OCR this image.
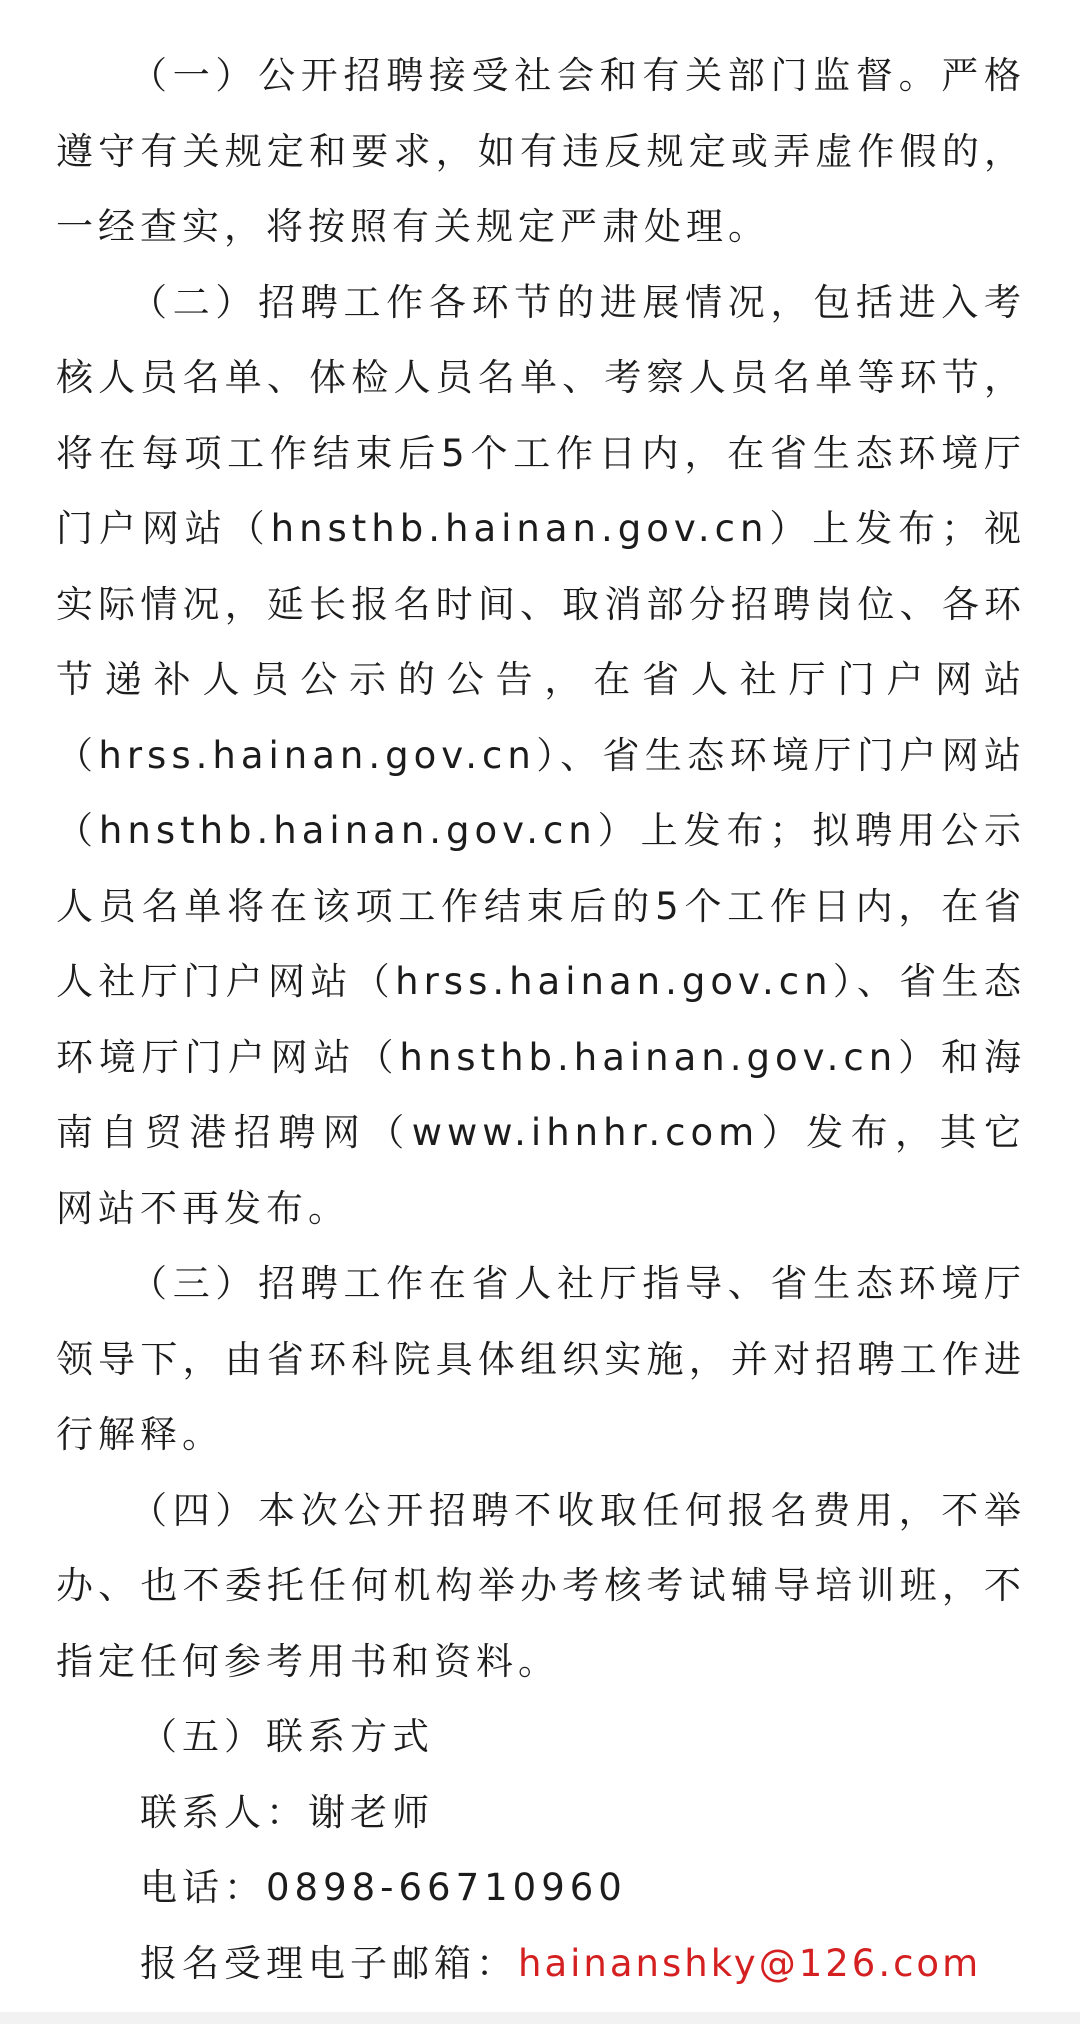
（一）公开招聘接受社会和有关部门监督。严格遵守有关规定和要求，如有违反规定或弄虚作假的，一经查实，将按照有关规定严肃处理。

（二）招聘工作各环节的进展情况，包括进入考核人员名单、体检人员名单、考察人员名单等环节，将在每项工作结束后5个工作日内，在省生态环境厅门户网站（hnsthb.hainan.gov.cn）上发布；视实际情况，延长报名时间、取消部分招聘岗位、各环节递补人员公示的公告，在省人社厅门户网站（hrss.hainan.gov.cn）、省生态环境厅门户网站（hnsthb.hainan.gov.cn）上发布；拟聘用公示人员名单将在该项工作结束后的5个工作日内，在省人社厅门户网站（hrss.hainan.gov.cn）、省生态环境厅门户网站（hnsthb.hainan.gov.cn）和海南自贸港招聘网（www.ihnhr.com）发布，其它网站不再发布。

（三）招聘工作在省人社厅指导、省生态环境厅领导下，由省环科院具体组织实施，并对招聘工作进行解释。

（四）本次公开招聘不收取任何报名费用，不举办、也不委托任何机构举办考核考试辅导培训班，不指定任何参考用书和资料。

（五）联系方式

联系人：谢老师

电话：0898-66710960

报名受理电子邮箱：hainanshky@126.com
